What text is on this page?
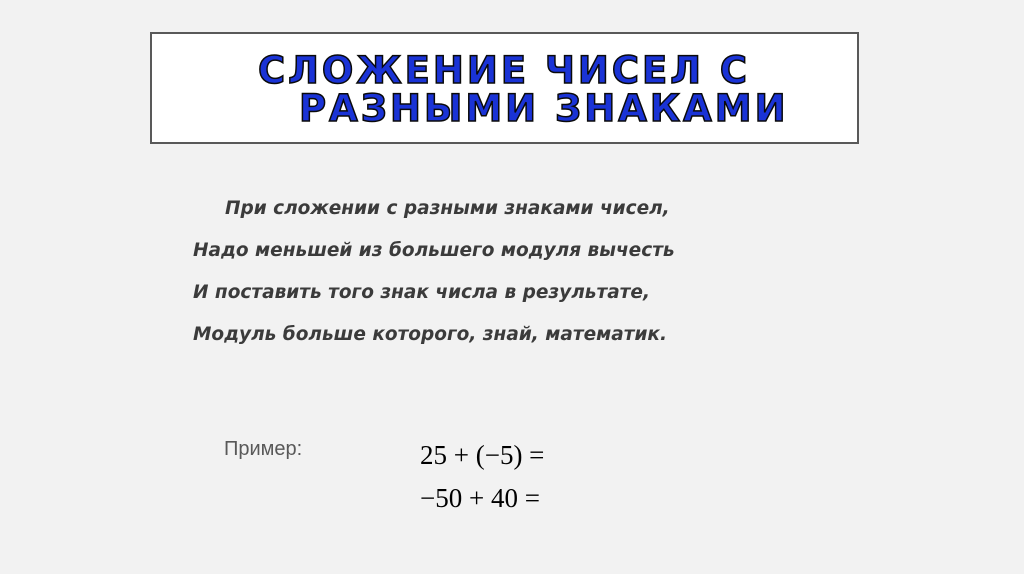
СЛОЖЕНИЕ ЧИСЕЛ С
РАЗНЫМИ ЗНАКАМИ
При сложении с разными знаками чисел,
Надо меньшей из большего модуля вычесть
И поставить того знак числа в результате,
Модуль больше которого, знай, математик.
Пример:	25 + (−5) =
−50 + 40 =
